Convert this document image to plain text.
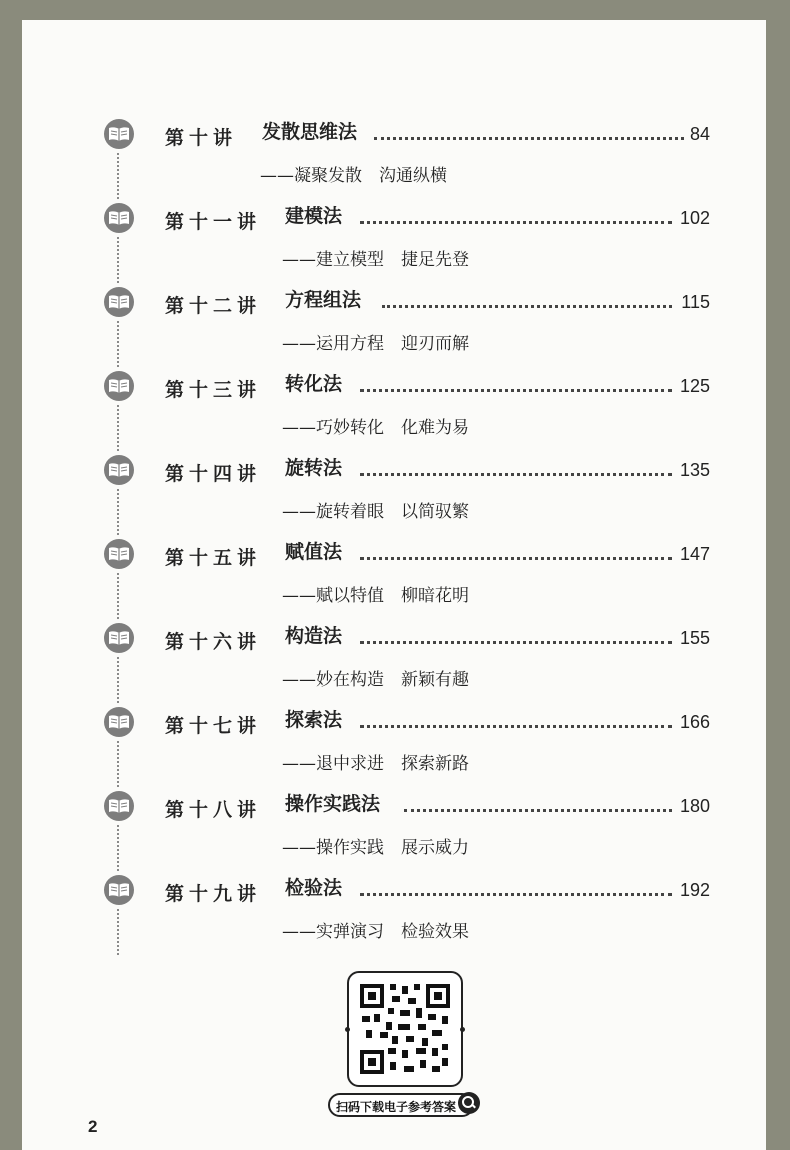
第十讲 发散思维法	84
——凝聚发散　沟通纵横
第十一讲 建模法	102
——建立模型　捷足先登
第十二讲 方程组法	115
——运用方程　迎刃而解
第十三讲 转化法	125
——巧妙转化　化难为易
第十四讲 旋转法	135
——旋转着眼　以简驭繁
第十五讲 赋值法	147
——赋以特值　柳暗花明
第十六讲 构造法	155
——妙在构造　新颖有趣
第十七讲 探索法	166
——退中求进　探索新路
第十八讲 操作实践法	180
——操作实践　展示威力
第十九讲 检验法	192
——实弹演习　检验效果
扫码下载电子参考答案
2
